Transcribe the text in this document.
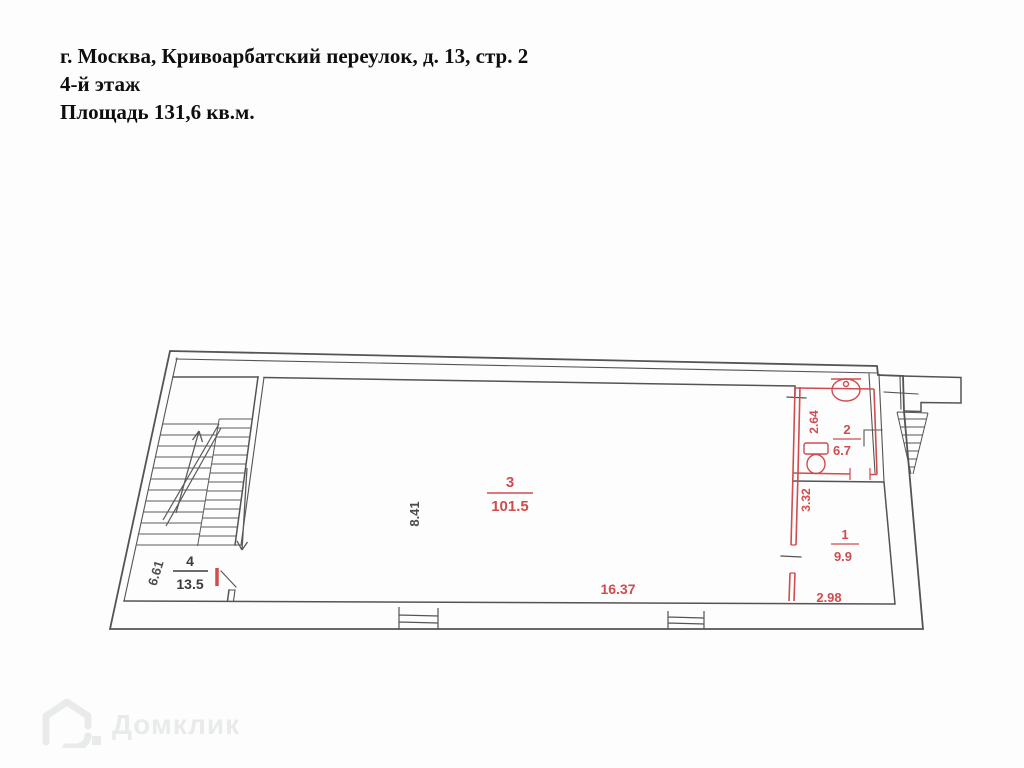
г. Москва, Кривоарбатский переулок, д. 13, стр. 2
4-й этаж
Площадь 131,6 кв.м.
3
101.5
4
13.5
2
6.7
1
9.9
16.37
2.98
2.64
3.32
8.41
6.61
Домклик
